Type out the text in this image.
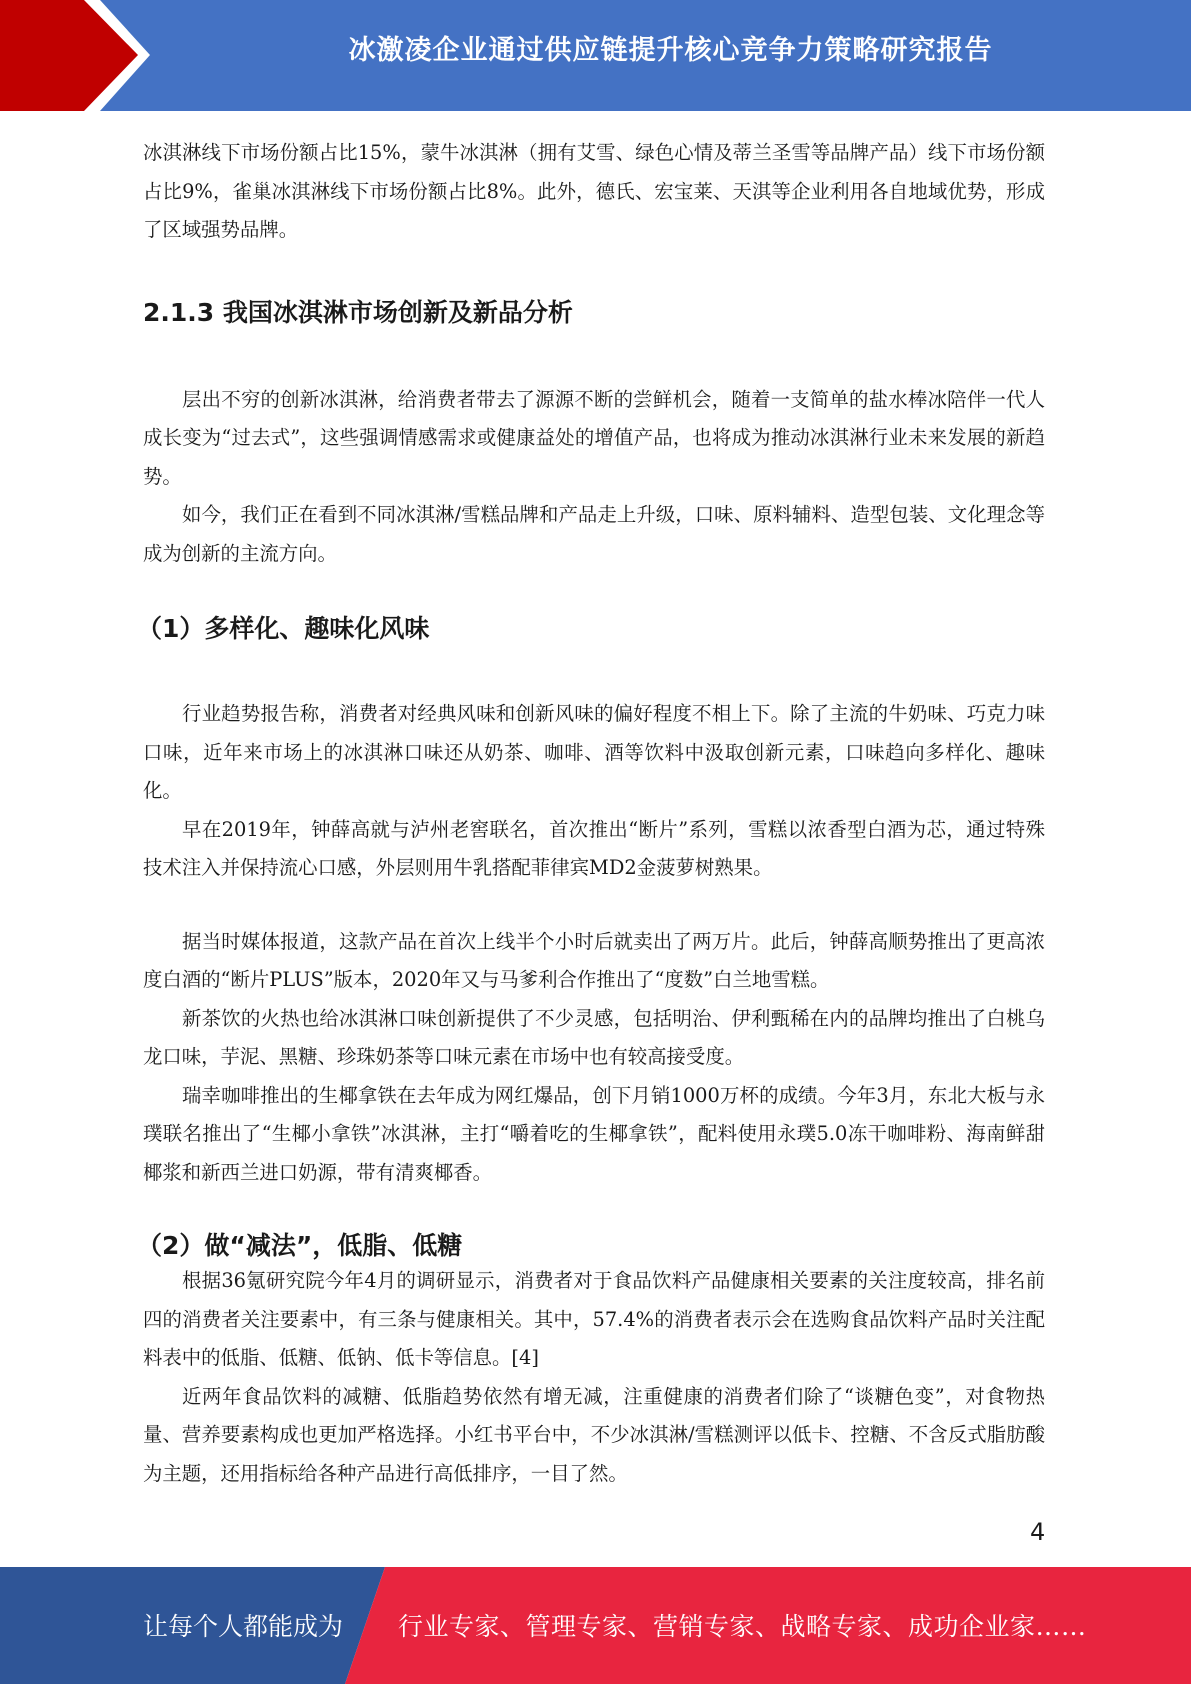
冰激凌企业通过供应链提升核心竞争力策略研究报告

冰淇淋线下市场份额占比15%，蒙牛冰淇淋（拥有艾雪、绿色心情及蒂兰圣雪等品牌产品）线下市场份额占比9%，雀巢冰淇淋线下市场份额占比8%。此外，德氏、宏宝莱、天淇等企业利用各自地域优势，形成了区域强势品牌。

2.1.3 我国冰淇淋市场创新及新品分析

层出不穷的创新冰淇淋，给消费者带去了源源不断的尝鲜机会，随着一支简单的盐水棒冰陪伴一代人成长变为“过去式”，这些强调情感需求或健康益处的增值产品，也将成为推动冰淇淋行业未来发展的新趋势。

如今，我们正在看到不同冰淇淋/雪糕品牌和产品走上升级，口味、原料辅料、造型包装、文化理念等成为创新的主流方向。

（1）多样化、趣味化风味

行业趋势报告称，消费者对经典风味和创新风味的偏好程度不相上下。除了主流的牛奶味、巧克力味口味，近年来市场上的冰淇淋口味还从奶茶、咖啡、酒等饮料中汲取创新元素，口味趋向多样化、趣味化。

早在2019年，钟薛高就与泸州老窖联名，首次推出“断片”系列，雪糕以浓香型白酒为芯，通过特殊技术注入并保持流心口感，外层则用牛乳搭配菲律宾MD2金菠萝树熟果。

据当时媒体报道，这款产品在首次上线半个小时后就卖出了两万片。此后，钟薛高顺势推出了更高浓度白酒的“断片PLUS”版本，2020年又与马爹利合作推出了“度数”白兰地雪糕。

新茶饮的火热也给冰淇淋口味创新提供了不少灵感，包括明治、伊利甄稀在内的品牌均推出了白桃乌龙口味，芋泥、黑糖、珍珠奶茶等口味元素在市场中也有较高接受度。

瑞幸咖啡推出的生椰拿铁在去年成为网红爆品，创下月销1000万杯的成绩。今年3月，东北大板与永璞联名推出了“生椰小拿铁”冰淇淋，主打“嚼着吃的生椰拿铁”，配料使用永璞5.0冻干咖啡粉、海南鲜甜椰浆和新西兰进口奶源，带有清爽椰香。

（2）做“减法”，低脂、低糖

根据36氪研究院今年4月的调研显示，消费者对于食品饮料产品健康相关要素的关注度较高，排名前四的消费者关注要素中，有三条与健康相关。其中，57.4%的消费者表示会在选购食品饮料产品时关注配料表中的低脂、低糖、低钠、低卡等信息。[4]

近两年食品饮料的减糖、低脂趋势依然有增无减，注重健康的消费者们除了“谈糖色变”，对食物热量、营养要素构成也更加严格选择。小红书平台中，不少冰淇淋/雪糕测评以低卡、控糖、不含反式脂肪酸为主题，还用指标给各种产品进行高低排序，一目了然。

4
让每个人都能成为 行业专家、管理专家、营销专家、战略专家、成功企业家……
